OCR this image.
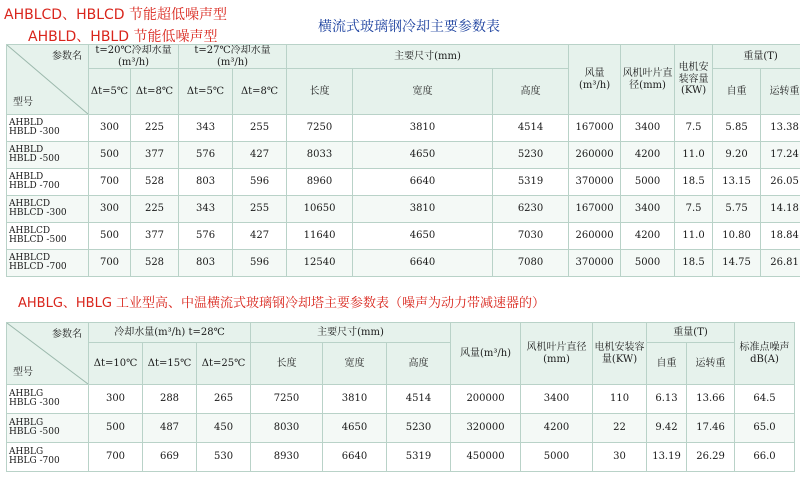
AHBLCD、HBLCD 节能超低噪声型
AHBLD、HBLD 节能低噪声型
横流式玻璃钢冷却主要参数表
参数名
型号	t=20℃冷却水量(m³/h)		t=27℃冷却水量(m³/h)		主要尺寸(mm)			风量(m³/h)	风机叶片直径(mm)	电机安装容量(KW)	重量(T)	
	Δt=5℃	Δt=8℃	Δt=5℃	Δt=8℃	长度	宽度	高度				自重	运转重	

AHBLD
HBLD -300	300	225	343	255	7250	3810	4514	167000	3400	7.5	5.85	13.38	

AHBLD
HBLD -500	500	377	576	427	8033	4650	5230	260000	4200	11.0	9.20	17.24	

AHBLD
HBLD -700	700	528	803	596	8960	6640	5319	370000	5000	18.5	13.15	26.05	

AHBLCD
HBLCD -300	300	225	343	255	10650	3810	6230	167000	3400	7.5	5.75	14.18	

AHBLCD
HBLCD -500	500	377	576	427	11640	4650	7030	260000	4200	11.0	10.80	18.84	

AHBLCD
HBLCD -700	700	528	803	596	12540	6640	7080	370000	5000	18.5	14.75	26.81	
AHBLG、HBLG 工业型高、中温横流式玻璃钢冷却塔主要参数表（噪声为动力带减速器的）
参数名
型号	冷却水量(m³/h) t=28℃			主要尺寸(mm)			风量(m³/h)	风机叶片直径(mm)	电机安装容量(KW)	重量(T)		标准点噪声dB(A)
	Δt=10℃	Δt=15℃	Δt=25℃	长度	宽度	高度				自重	运转重	

AHBLG
HBLG -300	300	288	265	7250	3810	4514	200000	3400	110	6.13	13.66	64.5

AHBLG
HBLG -500	500	487	450	8030	4650	5230	320000	4200	22	9.42	17.46	65.0

AHBLG
HBLG -700	700	669	530	8930	6640	5319	450000	5000	30	13.19	26.29	66.0
